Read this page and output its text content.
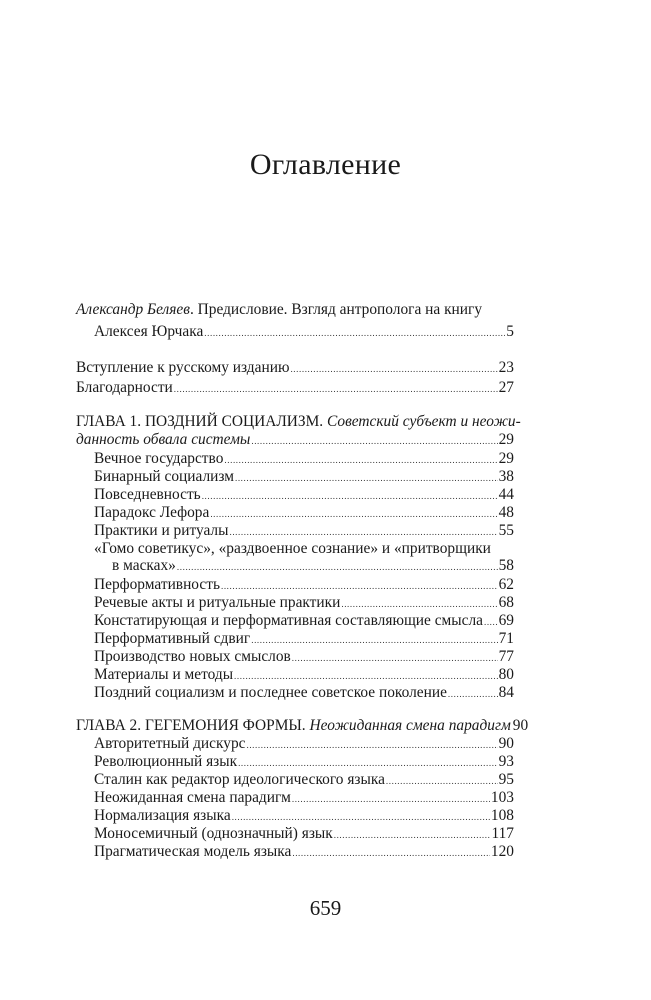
Оглавление
Александр Беляев. Предисловие. Взгляд антрополога на книгу
Алексея Юрчака .....	5
Вступление к русскому изданию .....	23
Благодарности .....	27
ГЛАВА 1. ПОЗДНИЙ СОЦИАЛИЗМ. Советский субъект и неожи-
данность обвала системы .....	29
Вечное государство .....	29
Бинарный социализм .....	38
Повседневность .....	44
Парадокс Лефора .....	48
Практики и ритуалы .....	55
«Гомо советикус», «раздвоенное сознание» и «притворщики
в масках» .....	58
Перформативность .....	62
Речевые акты и ритуальные практики .....	68
Констатирующая и перформативная составляющие смысла ..... 69
Перформативный сдвиг .....	71
Производство новых смыслов .....	77
Материалы и методы .....	80
Поздний социализм и последнее советское поколение .....	84
ГЛАВА 2. ГЕГЕМОНИЯ ФОРМЫ.
Неожиданная смена парадигм 90
Авторитетный дискурс .....	90
Революционный язык .....	93
Сталин как редактор идеологического языка .....	95
Неожиданная смена парадигм .....	103
Нормализация языка .....	108
Моносемичный (однозначный) язык .....	117
Прагматическая модель языка .....	120
659
